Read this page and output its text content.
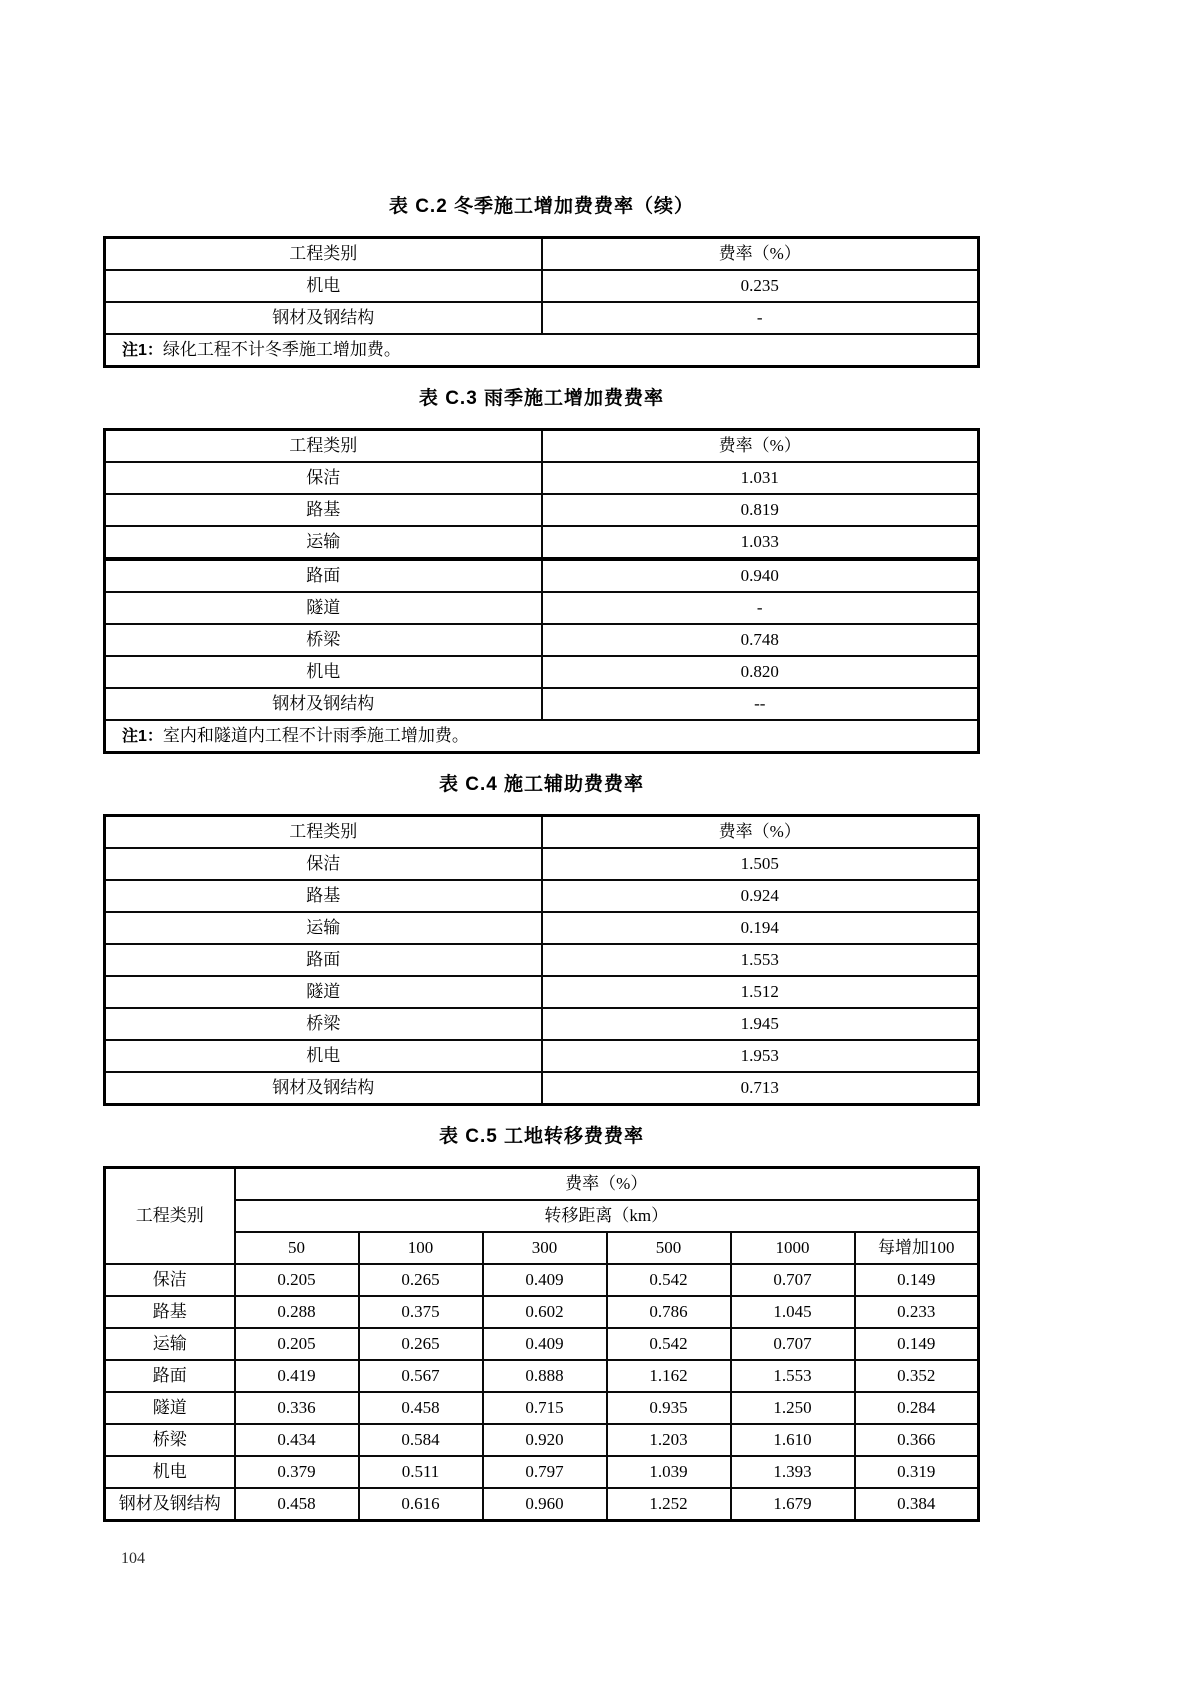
表 C.2 冬季施工增加费费率（续）

工程类别	费率（%）
机电	0.235
钢材及钢结构	-
注1：绿化工程不计冬季施工增加费。	

表 C.3 雨季施工增加费费率

工程类别	费率（%）
保洁	1.031
路基	0.819
运输	1.033
路面	0.940
隧道	-
桥梁	0.748
机电	0.820
钢材及钢结构	--
注1：室内和隧道内工程不计雨季施工增加费。	

表 C.4 施工辅助费费率

工程类别	费率（%）
保洁	1.505
路基	0.924
运输	0.194
路面	1.553
隧道	1.512
桥梁	1.945
机电	1.953
钢材及钢结构	0.713

表 C.5 工地转移费费率

工程类别	费率（%）					
	转移距离（km）					
	50	100	300	500	1000	每增加100
保洁	0.205	0.265	0.409	0.542	0.707	0.149
路基	0.288	0.375	0.602	0.786	1.045	0.233
运输	0.205	0.265	0.409	0.542	0.707	0.149
路面	0.419	0.567	0.888	1.162	1.553	0.352
隧道	0.336	0.458	0.715	0.935	1.250	0.284
桥梁	0.434	0.584	0.920	1.203	1.610	0.366
机电	0.379	0.511	0.797	1.039	1.393	0.319
钢材及钢结构	0.458	0.616	0.960	1.252	1.679	0.384
104
